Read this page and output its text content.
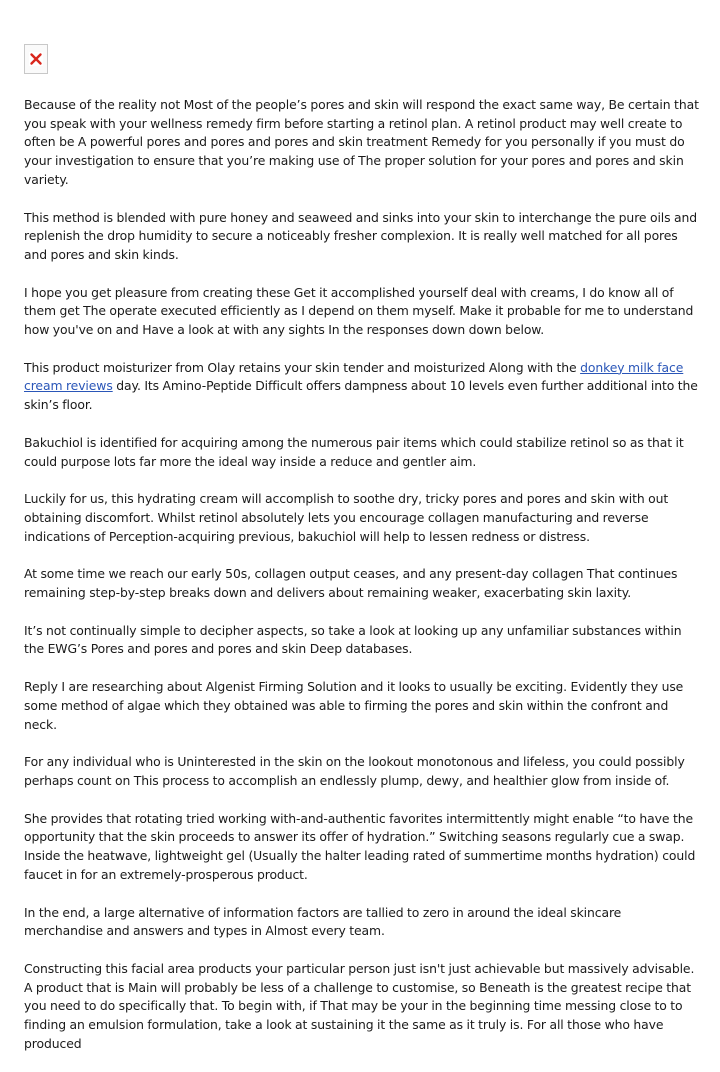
Because of the reality not Most of the people’s pores and skin will respond the exact same way, Be certain that you speak with your wellness remedy firm before starting a retinol plan. A retinol product may well create to often be A powerful pores and pores and pores and skin treatment Remedy for you personally if you must do your investigation to ensure that you’re making use of The proper solution for your pores and pores and skin variety.

This method is blended with pure honey and seaweed and sinks into your skin to interchange the pure oils and replenish the drop humidity to secure a noticeably fresher complexion. It is really well matched for all pores and pores and skin kinds.

I hope you get pleasure from creating these Get it accomplished yourself deal with creams, I do know all of them get The operate executed efficiently as I depend on them myself. Make it probable for me to understand how you've on and Have a look at with any sights In the responses down down below.

This product moisturizer from Olay retains your skin tender and moisturized Along with the donkey milk face cream reviews day. Its Amino-Peptide Difficult offers dampness about 10 levels even further additional into the skin’s floor.

Bakuchiol is identified for acquiring among the numerous pair items which could stabilize retinol so as that it could purpose lots far more the ideal way inside a reduce and gentler aim.

Luckily for us, this hydrating cream will accomplish to soothe dry, tricky pores and pores and skin with out obtaining discomfort. Whilst retinol absolutely lets you encourage collagen manufacturing and reverse indications of Perception-acquiring previous, bakuchiol will help to lessen redness or distress.

At some time we reach our early 50s, collagen output ceases, and any present-day collagen That continues remaining step-by-step breaks down and delivers about remaining weaker, exacerbating skin laxity.

It’s not continually simple to decipher aspects, so take a look at looking up any unfamiliar substances within the EWG’s Pores and pores and pores and skin Deep databases.

Reply I are researching about Algenist Firming Solution and it looks to usually be exciting. Evidently they use some method of algae which they obtained was able to firming the pores and skin within the confront and neck.

For any individual who is Uninterested in the skin on the lookout monotonous and lifeless, you could possibly perhaps count on This process to accomplish an endlessly plump, dewy, and healthier glow from inside of.

She provides that rotating tried working with-and-authentic favorites intermittently might enable “to have the opportunity that the skin proceeds to answer its offer of hydration.” Switching seasons regularly cue a swap. Inside the heatwave, lightweight gel (Usually the halter leading rated of summertime months hydration) could faucet in for an extremely-prosperous product.

In the end, a large alternative of information factors are tallied to zero in around the ideal skincare merchandise and answers and types in Almost every team.

Constructing this facial area products your particular person just isn't just achievable but massively advisable. A product that is Main will probably be less of a challenge to customise, so Beneath is the greatest recipe that you need to do specifically that. To begin with, if That may be your in the beginning time messing close to to finding an emulsion formulation, take a look at sustaining it the same as it truly is. For all those who have produced
